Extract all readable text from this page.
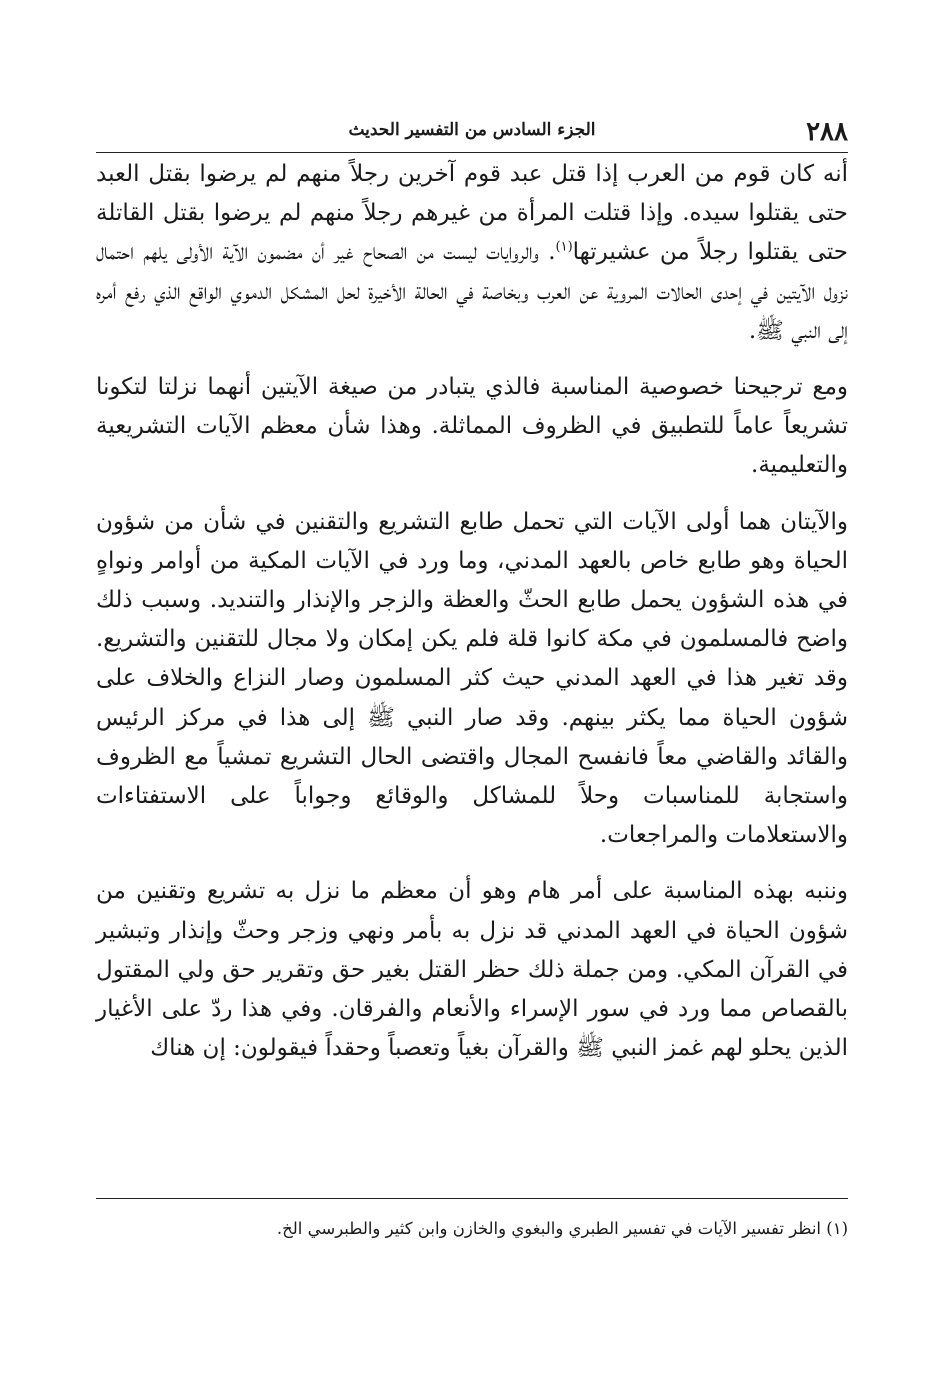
٢٨٨
الجزء السادس من التفسير الحديث

أنه كان قوم من العرب إذا قتل عبد قوم آخرين رجلاً منهم لم يرضوا بقتل العبد حتى يقتلوا سيده. وإذا قتلت المرأة من غيرهم رجلاً منهم لم يرضوا بقتل القاتلة حتى يقتلوا رجلاً من عشيرتها$^{(١)}$. والروايات ليست من الصحاح غير أن مضمون الآية الأولى يلهم احتمال نزول الآيتين في إحدى الحالات المروية عن العرب وبخاصة في الحالة الأخيرة لحل المشكل الدموي الواقع الذي رفع أمره إلى النبي ﷺ.

ومع ترجيحنا خصوصية المناسبة فالذي يتبادر من صيغة الآيتين أنهما نزلتا لتكونا تشريعاً عاماً للتطبيق في الظروف المماثلة. وهذا شأن معظم الآيات التشريعية والتعليمية.

والآيتان هما أولى الآيات التي تحمل طابع التشريع والتقنين في شأن من شؤون الحياة وهو طابع خاص بالعهد المدني، وما ورد في الآيات المكية من أوامر ونواهٍ في هذه الشؤون يحمل طابع الحثّ والعظة والزجر والإنذار والتنديد. وسبب ذلك واضح فالمسلمون في مكة كانوا قلة فلم يكن إمكان ولا مجال للتقنين والتشريع. وقد تغير هذا في العهد المدني حيث كثر المسلمون وصار النزاع والخلاف على شؤون الحياة مما يكثر بينهم. وقد صار النبي ﷺ إلى هذا في مركز الرئيس والقائد والقاضي معاً فانفسح المجال واقتضى الحال التشريع تمشياً مع الظروف واستجابة للمناسبات وحلاً للمشاكل والوقائع وجواباً على الاستفتاءات والاستعلامات والمراجعات.

وننبه بهذه المناسبة على أمر هام وهو أن معظم ما نزل به تشريع وتقنين من شؤون الحياة في العهد المدني قد نزل به بأمر ونهي وزجر وحثّ وإنذار وتبشير في القرآن المكي. ومن جملة ذلك حظر القتل بغير حق وتقرير حق ولي المقتول بالقصاص مما ورد في سور الإسراء والأنعام والفرقان. وفي هذا ردّ على الأغيار الذين يحلو لهم غمز النبي ﷺ والقرآن بغياً وتعصباً وحقداً فيقولون: إن هناك

(١) انظر تفسير الآيات في تفسير الطبري والبغوي والخازن وابن كثير والطبرسي الخ.
